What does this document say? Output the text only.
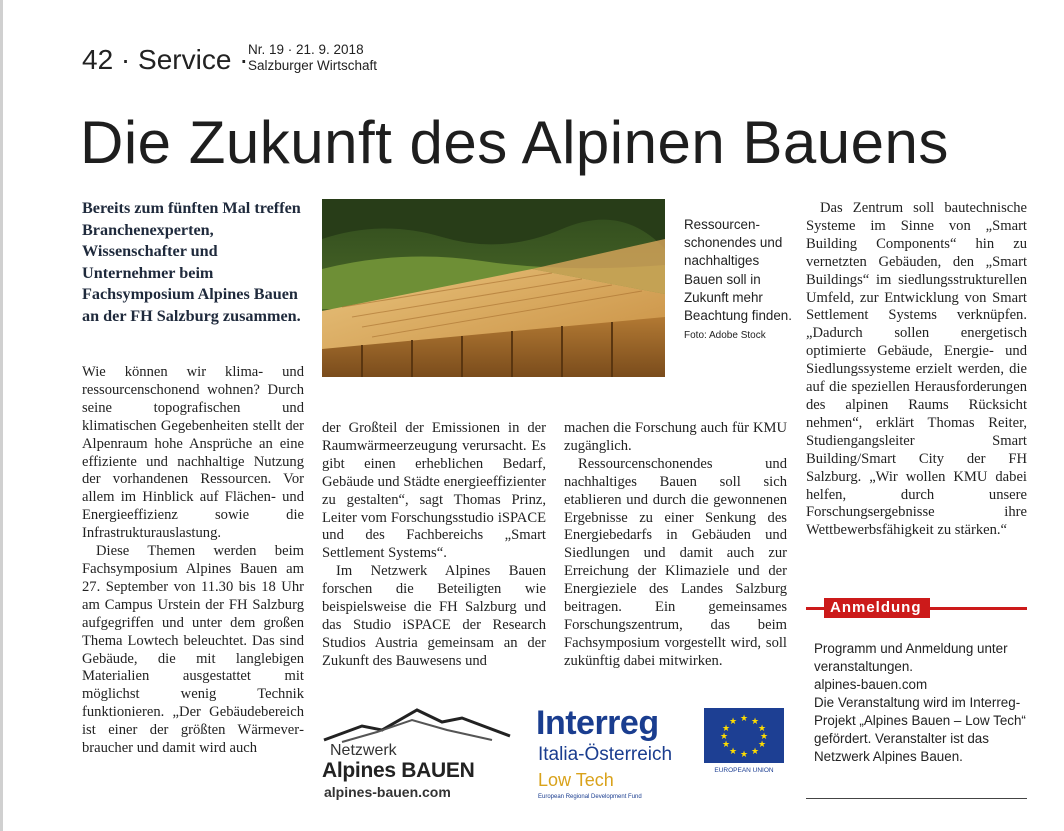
42 · Service · Nr. 19 · 21. 9. 2018
Salzburger Wirtschaft
Die Zukunft des Alpinen Bauens
Bereits zum fünften Mal treffen Branchenexperten, Wissenschafter und Unternehmer beim Fachsymposium Alpines Bauen an der FH Salzburg zusammen.

Wie können wir klima- und ressourcenschonend wohnen? Durch seine topografischen und klimatischen Gegebenheiten stellt der Alpenraum hohe Ansprüche an eine effiziente und nachhaltige Nutzung der vorhandenen Ressourcen. Vor allem im Hinblick auf Flächen- und Energieeffizienz sowie die Infrastrukturauslastung.

Diese Themen werden beim Fachsymposium Alpines Bauen am 27. September von 11.30 bis 18 Uhr am Campus Urstein der FH Salzburg aufgegriffen und unter dem großen Thema Lowtech beleuchtet. Das sind Gebäude, die mit langlebigen Materialien ausgestattet mit möglichst wenig Technik funktionieren. „Der Gebäudebereich ist einer der größten Wärmeverbraucher und damit wird auch

Ressourcenschonendes und nachhaltiges Bauen soll in Zukunft mehr Beachtung finden.
Foto: Adobe Stock

der Großteil der Emissionen in der Raumwärmeerzeugung verursacht. Es gibt einen erheblichen Bedarf, Gebäude und Städte energieeffizienter zu gestalten“, sagt Thomas Prinz, Leiter vom Forschungsstudio iSPACE und des Fachbereichs „Smart Settlement Systems“.

Im Netzwerk Alpines Bauen forschen die Beteiligten wie beispielsweise die FH Salzburg und das Studio iSPACE der Research Studios Austria gemeinsam an der Zukunft des Bauwesens und

machen die Forschung auch für KMU zugänglich.

Ressourcenschonendes und nachhaltiges Bauen soll sich etablieren und durch die gewonnenen Ergebnisse zu einer Senkung des Energiebedarfs in Gebäuden und Siedlungen und damit auch zur Erreichung der Klimaziele und der Energieziele des Landes Salzburg beitragen. Ein gemeinsames Forschungszentrum, das beim Fachsymposium vorgestellt wird, soll zukünftig dabei mitwirken.

Das Zentrum soll bautechnische Systeme im Sinne von „Smart Building Components“ hin zu vernetzten Gebäuden, den „Smart Buildings“ im siedlungsstrukturellen Umfeld, zur Entwicklung von Smart Settlement Systems verknüpfen. „Dadurch sollen energetisch optimierte Gebäude, Energie- und Siedlungssysteme erzielt werden, die auf die speziellen Herausforderungen des alpinen Raums Rücksicht nehmen“, erklärt Thomas Reiter, Studiengangsleiter Smart Building/Smart City der FH Salzburg. „Wir wollen KMU dabei helfen, durch unsere Forschungsergebnisse ihre Wettbewerbsfähigkeit zu stärken.“

Anmeldung
Programm und Anmeldung unter veranstaltungen.
alpines-bauen.com
Die Veranstaltung wird im Interreg-Projekt „Alpines Bauen – Low Tech“ gefördert. Veranstalter ist das Netzwerk Alpines Bauen.
Netzwerk
Alpines BAUEN
alpines-bauen.com
Interreg
Italia-Österreich
Low Tech
European Regional Development Fund
★ ★
★
★
★
★
★
★
★
★
★
★
EUROPEAN UNION
